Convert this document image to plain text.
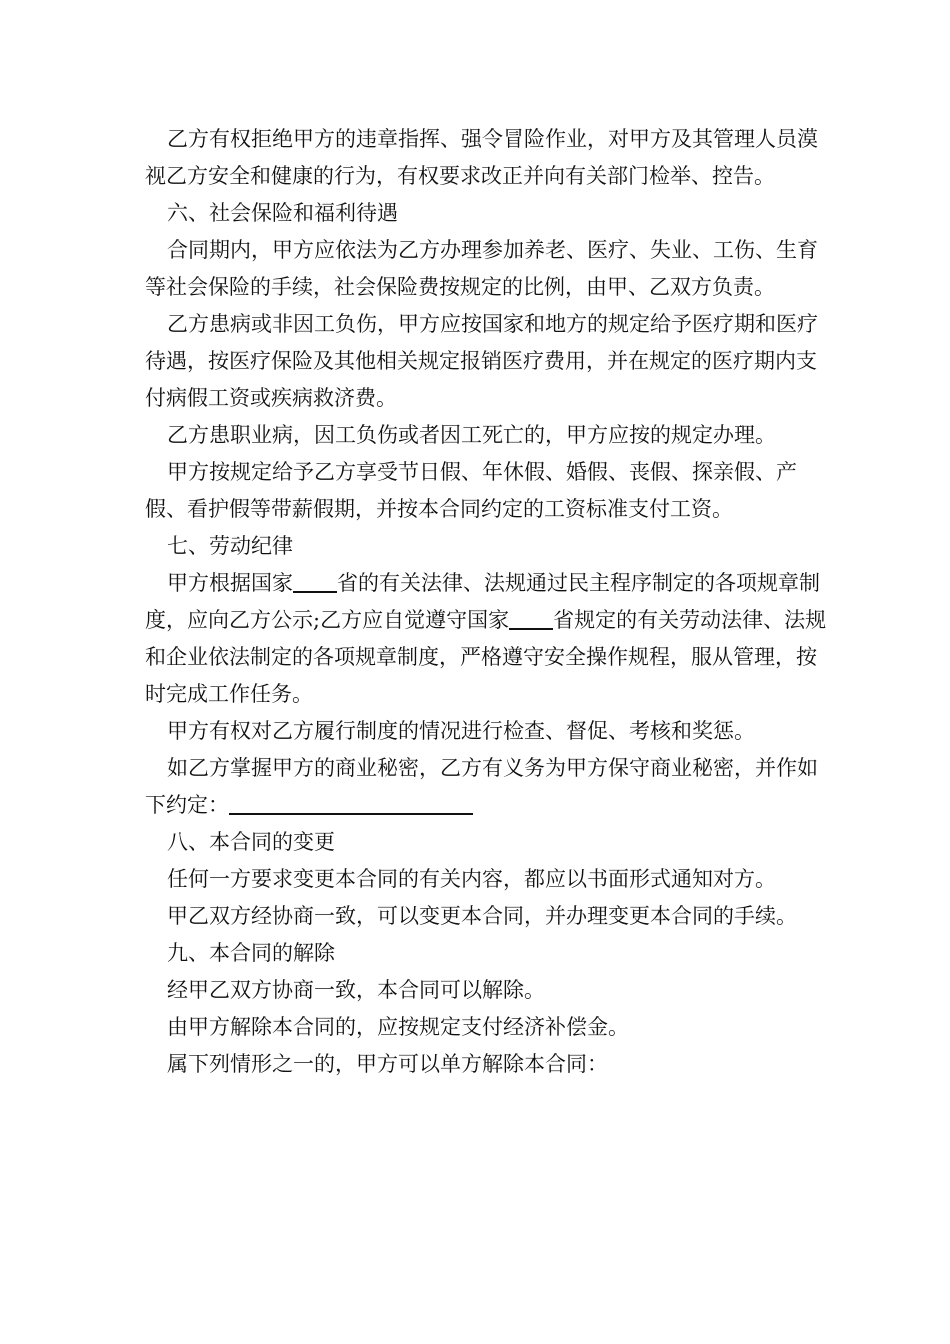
乙方有权拒绝甲方的违章指挥、强令冒险作业，对甲方及其管理人员漠视乙方安全和健康的行为，有权要求改正并向有关部门检举、控告。

六、社会保险和福利待遇

合同期内，甲方应依法为乙方办理参加养老、医疗、失业、工伤、生育等社会保险的手续，社会保险费按规定的比例，由甲、乙双方负责。

乙方患病或非因工负伤，甲方应按国家和地方的规定给予医疗期和医疗待遇，按医疗保险及其他相关规定报销医疗费用，并在规定的医疗期内支付病假工资或疾病救济费。

乙方患职业病，因工负伤或者因工死亡的，甲方应按的规定办理。

甲方按规定给予乙方享受节日假、年休假、婚假、丧假、探亲假、产假、看护假等带薪假期，并按本合同约定的工资标准支付工资。

七、劳动纪律

甲方根据国家 省的有关法律、法规通过民主程序制定的各项规章制度，应向乙方公示;乙方应自觉遵守国家 省规定的有关劳动法律、法规和企业依法制定的各项规章制度，严格遵守安全操作规程，服从管理，按时完成工作任务。

甲方有权对乙方履行制度的情况进行检查、督促、考核和奖惩。

如乙方掌握甲方的商业秘密，乙方有义务为甲方保守商业秘密，并作如下约定：

八、本合同的变更

任何一方要求变更本合同的有关内容，都应以书面形式通知对方。

甲乙双方经协商一致，可以变更本合同，并办理变更本合同的手续。

九、本合同的解除

经甲乙双方协商一致，本合同可以解除。

由甲方解除本合同的，应按规定支付经济补偿金。

属下列情形之一的，甲方可以单方解除本合同：
